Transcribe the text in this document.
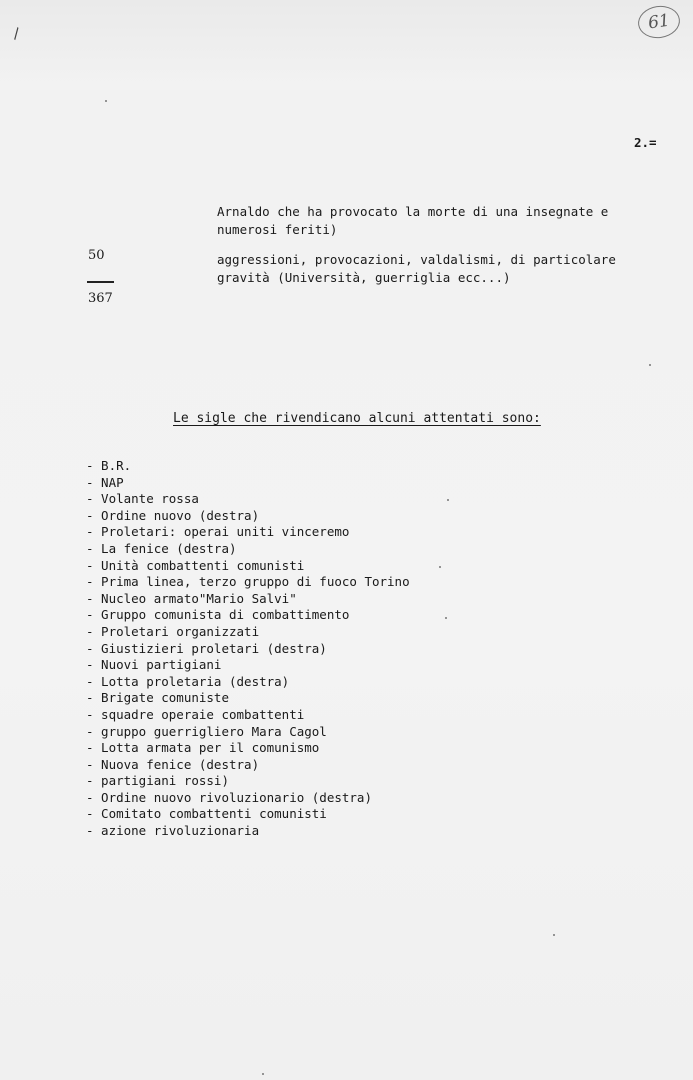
61
\
2.=
Arnaldo che ha provocato la morte di una insegnate e
numerosi feriti)
aggressioni, provocazioni, valdalismi, di particolare
gravità (Università, guerriglia ecc...)
50
367
Le sigle che rivendicano alcuni attentati sono:
- B.R.
- NAP
- Volante rossa
- Ordine nuovo (destra)
- Proletari: operai uniti vinceremo
- La fenice (destra)
- Unità combattenti comunisti
- Prima linea, terzo gruppo di fuoco Torino
- Nucleo armato"Mario Salvi"
- Gruppo comunista di combattimento
- Proletari organizzati
- Giustizieri proletari (destra)
- Nuovi partigiani
- Lotta proletaria (destra)
- Brigate comuniste
- squadre operaie combattenti
- gruppo guerrigliero Mara Cagol
- Lotta armata per il comunismo
- Nuova fenice (destra)
- partigiani rossi)
- Ordine nuovo rivoluzionario (destra)
- Comitato combattenti comunisti
- azione rivoluzionaria
